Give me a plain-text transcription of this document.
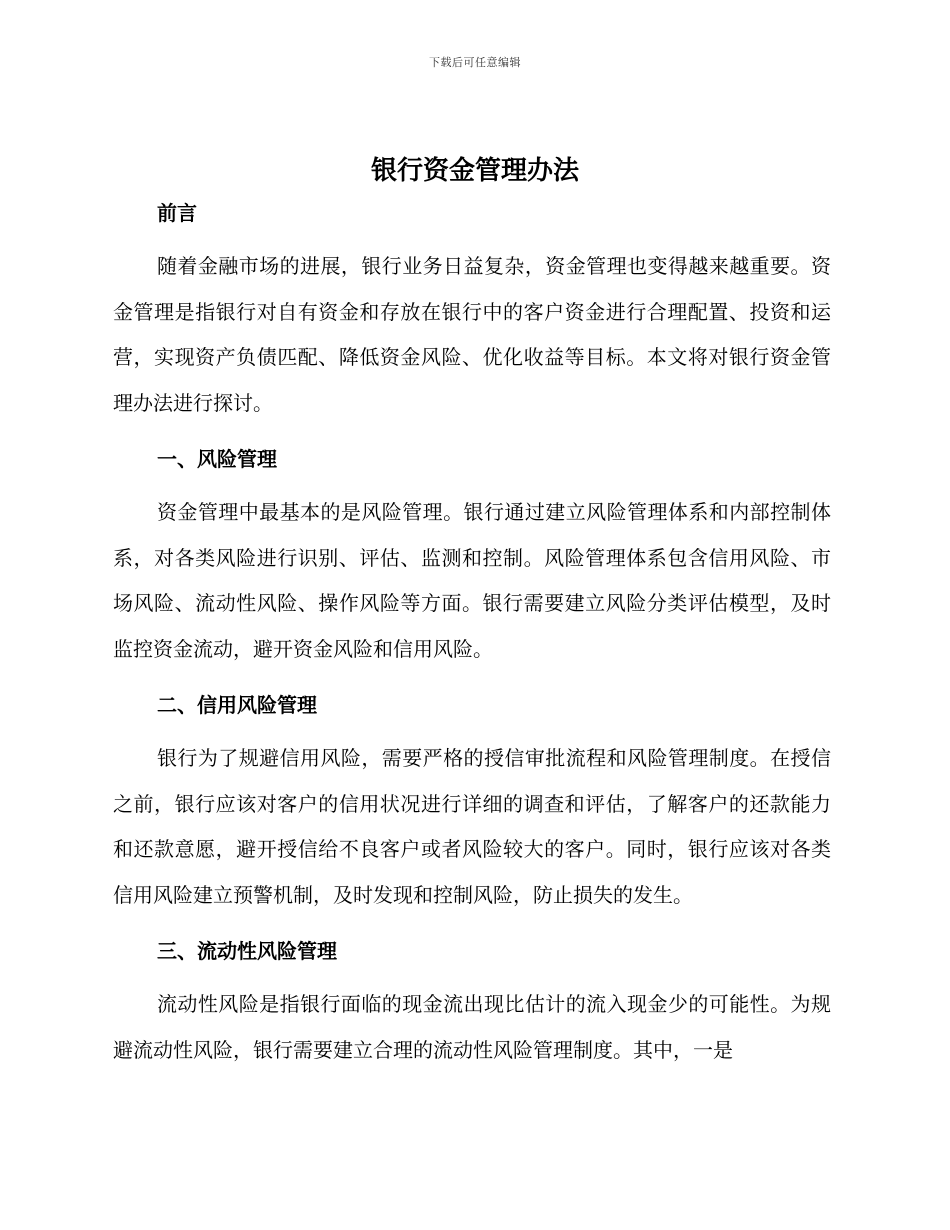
下载后可任意编辑
银行资金管理办法

前言

随着金融市场的进展，银行业务日益复杂，资金管理也变得越来越重要。资金管理是指银行对自有资金和存放在银行中的客户资金进行合理配置、投资和运营，实现资产负债匹配、降低资金风险、优化收益等目标。本文将对银行资金管理办法进行探讨。

一、风险管理

资金管理中最基本的是风险管理。银行通过建立风险管理体系和内部控制体系，对各类风险进行识别、评估、监测和控制。风险管理体系包含信用风险、市场风险、流动性风险、操作风险等方面。银行需要建立风险分类评估模型，及时监控资金流动，避开资金风险和信用风险。

二、信用风险管理

银行为了规避信用风险，需要严格的授信审批流程和风险管理制度。在授信之前，银行应该对客户的信用状况进行详细的调查和评估，了解客户的还款能力和还款意愿，避开授信给不良客户或者风险较大的客户。同时，银行应该对各类信用风险建立预警机制，及时发现和控制风险，防止损失的发生。

三、流动性风险管理

流动性风险是指银行面临的现金流出现比估计的流入现金少的可能性。为规避流动性风险，银行需要建立合理的流动性风险管理制度。其中，一是
